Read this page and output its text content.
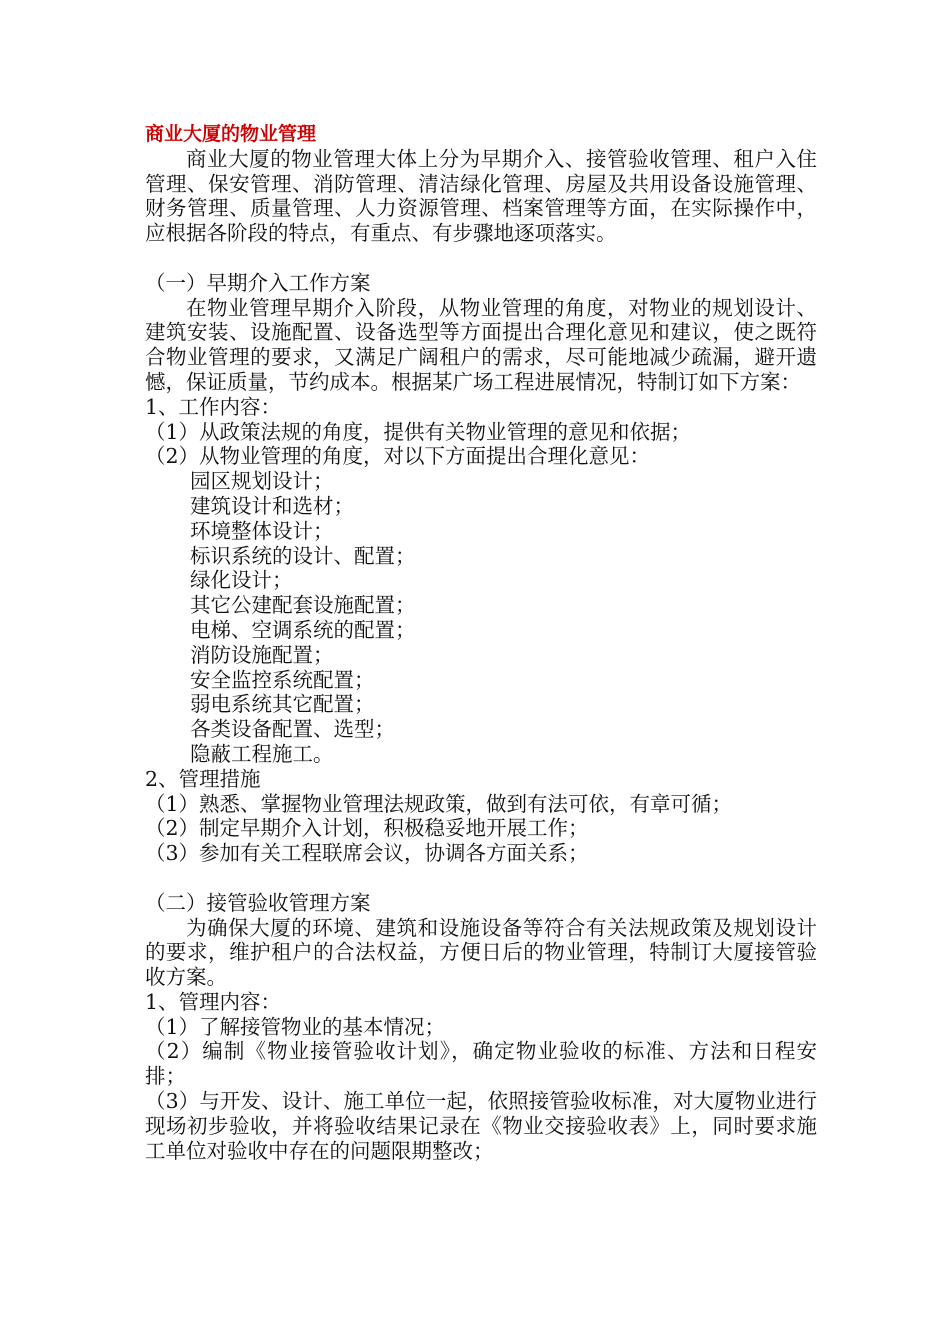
商业大厦的物业管理

商业大厦的物业管理大体上分为早期介入、接管验收管理、租户入住管理、保安管理、消防管理、清洁绿化管理、房屋及共用设备设施管理、财务管理、质量管理、人力资源管理、档案管理等方面，在实际操作中，应根据各阶段的特点，有重点、有步骤地逐项落实。

（一）早期介入工作方案

在物业管理早期介入阶段，从物业管理的角度，对物业的规划设计、建筑安装、设施配置、设备选型等方面提出合理化意见和建议，使之既符合物业管理的要求，又满足广阔租户的需求，尽可能地减少疏漏，避开遗憾，保证质量，节约成本。根据某广场工程进展情况，特制订如下方案：

1、工作内容：

（1）从政策法规的角度，提供有关物业管理的意见和依据；

（2）从物业管理的角度，对以下方面提出合理化意见：

园区规划设计；

建筑设计和选材；

环境整体设计；

标识系统的设计、配置；

绿化设计；

其它公建配套设施配置；

电梯、空调系统的配置；

消防设施配置；

安全监控系统配置；

弱电系统其它配置；

各类设备配置、选型；

隐蔽工程施工。

2、管理措施

（1）熟悉、掌握物业管理法规政策，做到有法可依，有章可循；

（2）制定早期介入计划，积极稳妥地开展工作；

（3）参加有关工程联席会议，协调各方面关系；

（二）接管验收管理方案

为确保大厦的环境、建筑和设施设备等符合有关法规政策及规划设计的要求，维护租户的合法权益，方便日后的物业管理，特制订大厦接管验收方案。

1、管理内容：

（1）了解接管物业的基本情况；

（2）编制《物业接管验收计划》，确定物业验收的标准、方法和日程安排；

（3）与开发、设计、施工单位一起，依照接管验收标准，对大厦物业进行现场初步验收，并将验收结果记录在《物业交接验收表》上，同时要求施工单位对验收中存在的问题限期整改；
